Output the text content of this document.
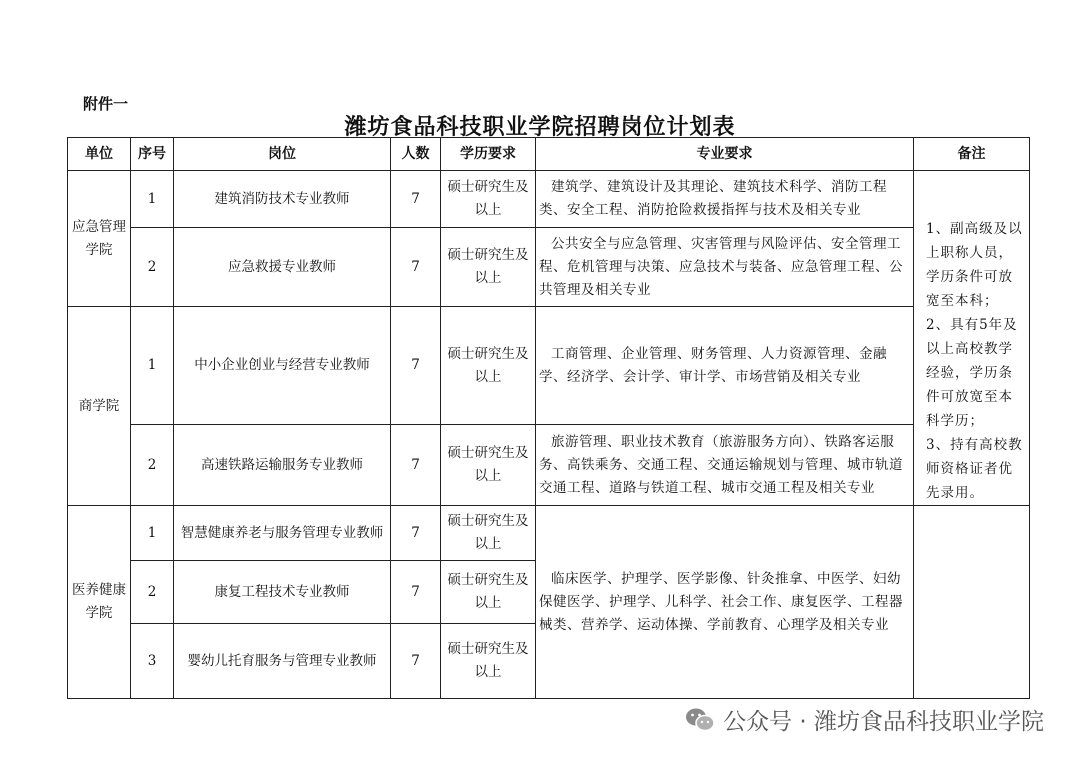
附件一
潍坊食品科技职业学院招聘岗位计划表
单位	序号	岗位	人数	学历要求	专业要求	备注
应急管理学院	1	建筑消防技术专业教师	7	硕士研究生及以上	建筑学、建筑设计及其理论、建筑技术科学、消防工程类、安全工程、消防抢险救援指挥与技术及相关专业	1、副高级及以上职称人员，学历条件可放宽至本科；
2、具有5年及以上高校教学经验，学历条件可放宽至本科学历；
3、持有高校教师资格证者优先录用。

	2	应急救援专业教师	7	硕士研究生及以上	公共安全与应急管理、灾害管理与风险评估、安全管理工程、危机管理与决策、应急技术与装备、应急管理工程、公共管理及相关专业	
商学院	1	中小企业创业与经营专业教师	7	硕士研究生及以上	工商管理、企业管理、财务管理、人力资源管理、金融学、经济学、会计学、审计学、市场营销及相关专业	
	2	高速铁路运输服务专业教师	7	硕士研究生及以上	旅游管理、职业技术教育（旅游服务方向）、铁路客运服务、高铁乘务、交通工程、交通运输规划与管理、城市轨道交通工程、道路与铁道工程、城市交通工程及相关专业	
医养健康学院	1	智慧健康养老与服务管理专业教师	7	硕士研究生及以上	临床医学、护理学、医学影像、针灸推拿、中医学、妇幼保健医学、护理学、儿科学、社会工作、康复医学、工程器械类、营养学、运动体操、学前教育、心理学及相关专业	
	2	康复工程技术专业教师	7	硕士研究生及以上		
	3	婴幼儿托育服务与管理专业教师	7	硕士研究生及以上		
公众号 · 潍坊食品科技职业学院
